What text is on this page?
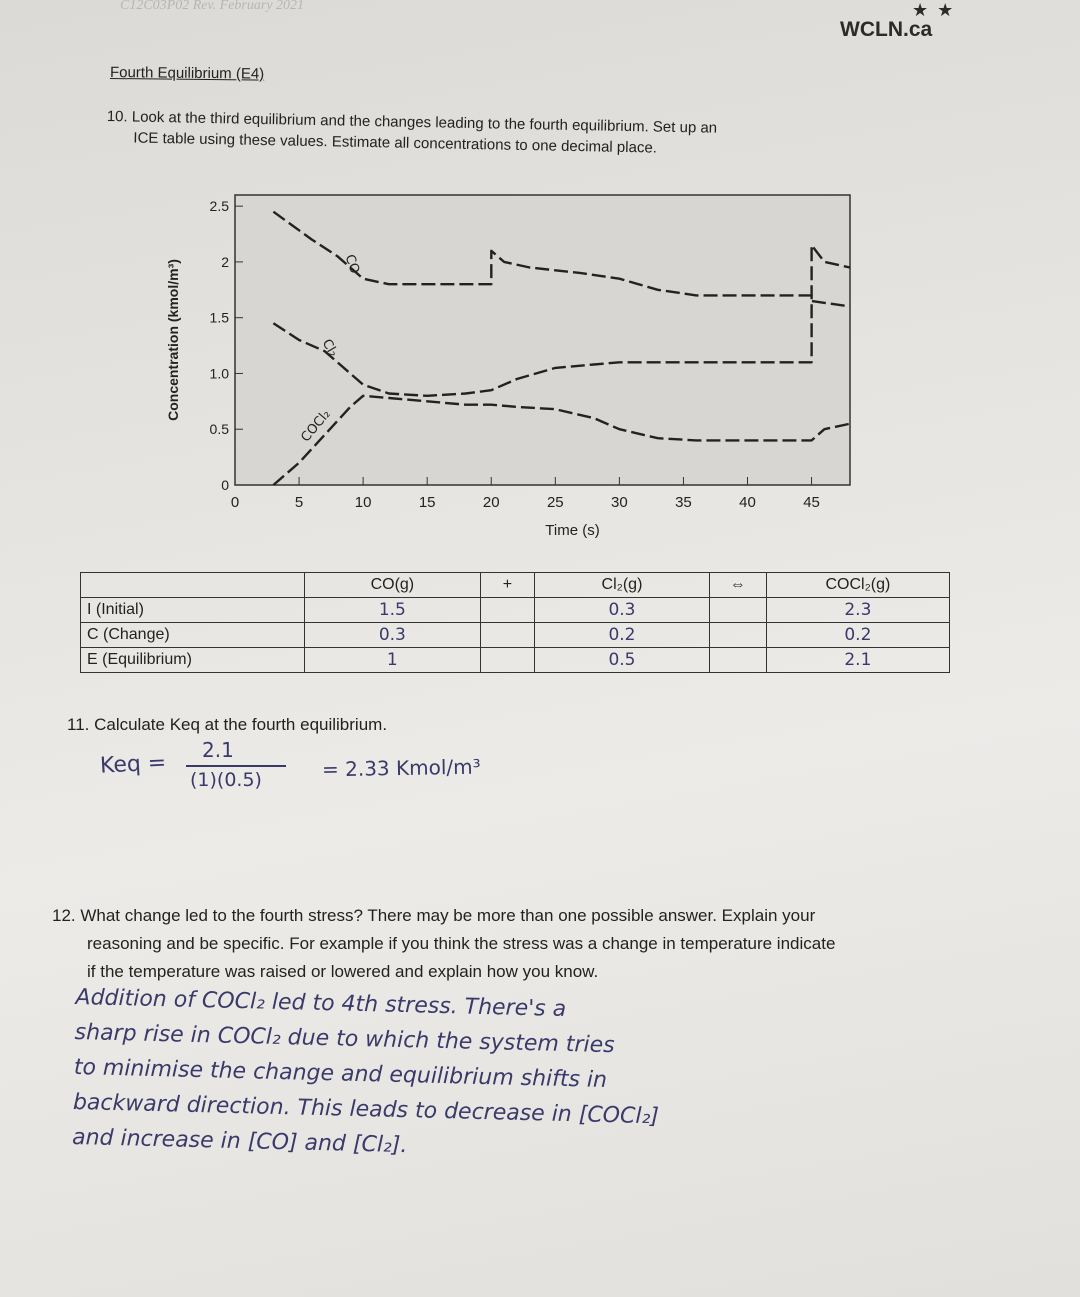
C12C03P02 Rev. February 2021	★ ★
WCLN.ca
Fourth Equilibrium (E4)
10. Look at the third equilibrium and the changes leading to the fourth equilibrium. Set up an
ICE table using these values. Estimate all concentrations to one decimal place.
0	5	10	15	20	25	30	35	40	45
0
0.5
1.0
1.5
2
2.5
Concentration (kmol/m³)
Time (s)
CO
Cl₂
COCl₂
	CO(g)	+	Cl₂(g)	⇔	COCl₂(g)
I (Initial)	1.5		0.3		2.3
C (Change)	0.3		0.2		0.2
E (Equilibrium)	1		0.5		2.1
11. Calculate Keq at the fourth equilibrium.
Keq =
2.1
(1)(0.5)	= 2.33 Kmol/m³
12. What change led to the fourth stress? There may be more than one possible answer. Explain your
reasoning and be specific. For example if you think the stress was a change in temperature indicate
if the temperature was raised or lowered and explain how you know.
Addition of COCl₂ led to 4th stress. There's a
sharp rise in COCl₂ due to which the system tries
to minimise the change and equilibrium shifts in
backward direction. This leads to decrease in [COCl₂]
and increase in [CO] and [Cl₂].
